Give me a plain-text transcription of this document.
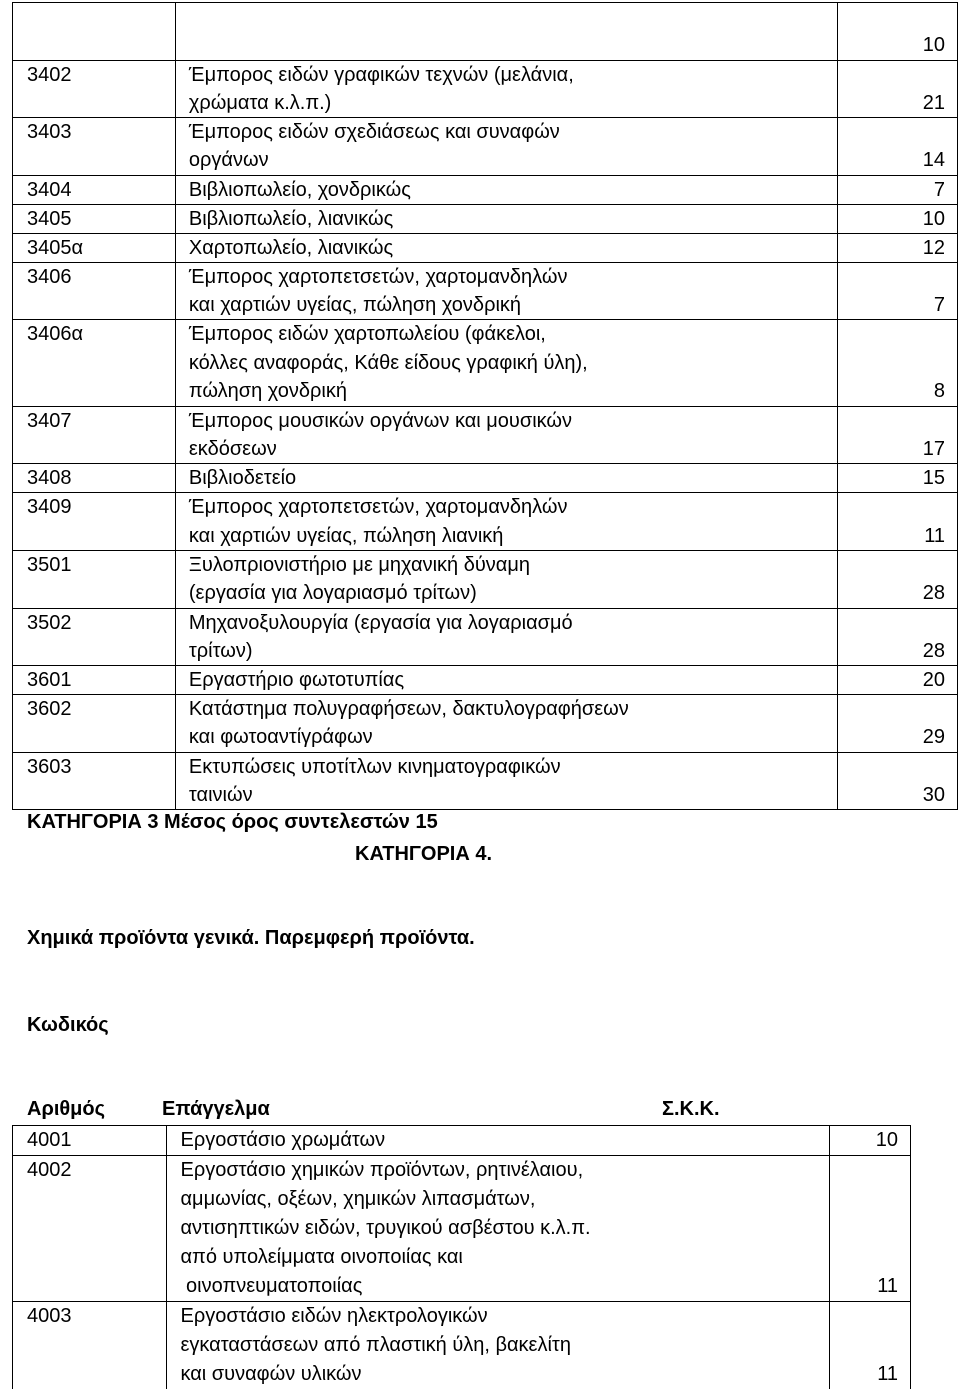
		10
3402	Έμπορος ειδών γραφικών τεχνών (μελάνια,	
	χρώματα κ.λ.π.)	21
3403	Έμπορος ειδών σχεδιάσεως και συναφών	
	οργάνων	14
3404	Βιβλιοπωλείο, χονδρικώς	7
3405	Βιβλιοπωλείο, λιανικώς	10
3405α	Χαρτοπωλείο, λιανικώς	12
3406	Έμπορος χαρτοπετσετών, χαρτομανδηλών	
	και χαρτιών υγείας, πώληση χονδρική	7
3406α	Έμπορος ειδών χαρτοπωλείου (φάκελοι,	
	κόλλες αναφοράς, Κάθε είδους γραφική ύλη),	
	πώληση χονδρική	8
3407	Έμπορος μουσικών οργάνων και μουσικών	
	εκδόσεων	17
3408	Βιβλιοδετείο	15
3409	Έμπορος χαρτοπετσετών, χαρτομανδηλών	
	και χαρτιών υγείας, πώληση λιανική	11
3501	Ξυλοπριονιστήριο με μηχανική δύναμη	
	(εργασία για λογαριασμό τρίτων)	28
3502	Μηχανοξυλουργία (εργασία για λογαριασμό	
	τρίτων)	28
3601	Εργαστήριο φωτοτυπίας	20
3602	Κατάστημα πολυγραφήσεων, δακτυλογραφήσεων	
	και φωτοαντίγράφων	29
3603	Εκτυπώσεις υποτίτλων κινηματογραφικών	
	ταινιών	30
ΚΑΤΗΓΟΡΙΑ 3 Μέσος όρος συντελεστών 15
ΚΑΤΗΓΟΡΙΑ 4.
Χημικά προϊόντα γενικά. Παρεμφερή προϊόντα.
Κωδικός
Αριθμός	Επάγγελμα	Σ.Κ.Κ.
4001	Εργοστάσιο χρωμάτων	10
4002	Εργοστάσιο χημικών προϊόντων, ρητινέλαιου,	
	αμμωνίας, οξέων, χημικών λιπασμάτων,	
	αντισηπτικών ειδών, τρυγικού ασβέστου κ.λ.π.	
	από υπολείμματα οινοποιίας και	
	οινοπνευματοποιίας	11
4003	Εργοστάσιο ειδών ηλεκτρολογικών	
	εγκαταστάσεων από πλαστική ύλη, βακελίτη	
	και συναφών υλικών	11
